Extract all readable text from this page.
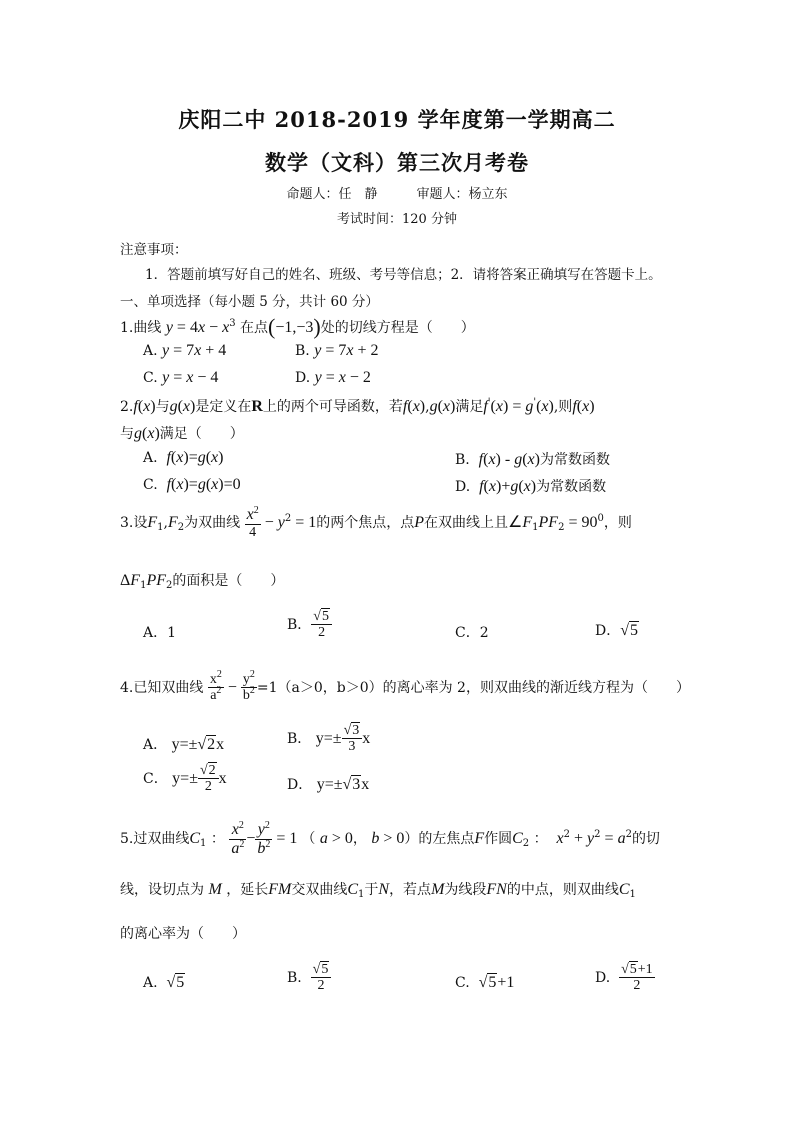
庆阳二中 2018-2019 学年度第一学期高二
数学（文科）第三次月考卷
命题人：任　静　　　审题人：杨立东
考试时间：120 分钟
注意事项：
1．答题前填写好自己的姓名、班级、考号等信息；2．请将答案正确填写在答题卡上。
一、单项选择（每小题 5 分，共计 60 分）
1.曲线 $y = 4x - x^3$ 在点(−1,−3)处的切线方程是（　　）
A. y = 7x + 4	B. y = 7x + 2
C. y = x − 4	D. y = x − 2
2.f(x)与g(x)是定义在R上的两个可导函数，若f(x),g(x)满足f'(x) = g'(x),则f(x)
与g(x)满足（　　）
A. f(x)=g(x)	B. f(x) - g(x)为常数函数
C. f(x)=g(x)=0	D. f(x)+g(x)为常数函数
3.设$F_1,F_2$为双曲线 $\frac{x^2}{4} - y^2 = 1$的两个焦点，点P在双曲线上且$\angle F_1PF_2 = 90^0$，则
$\Delta F_1PF_2$的面积是（　　）
A．1
B． $\frac{√5}{2}$	C．2	D．√5
4.已知双曲线 $\frac{x^2}{a^2} - \frac{y^2}{b^2} =1(a>0$，b＞0）的离心率为 2，则双曲线的渐近线方程为（　　）
A． y=±√2x	B． $y=\pm \frac{√3}{3}$ x
C． $y=\pm \frac{√2}{2}$ x	D． y=±√3x
5.过双曲线$C_1$ ： $\frac{x^2}{a^2} - \frac{y^2}{b^2} = 1$ （ a > 0， b > 0）的左焦点F作圆$C_2$ ：  $x^2 + y^2 = a^2$的切
线，设切点为 M ，延长FM交双曲线$C_1$于N，若点M为线段FN的中点，则双曲线$C_1$
的离心率为（　　）
A. √5	B. $\frac{√5}{2}$	C. √5+1	D. $\frac{√5+1}{2}$
